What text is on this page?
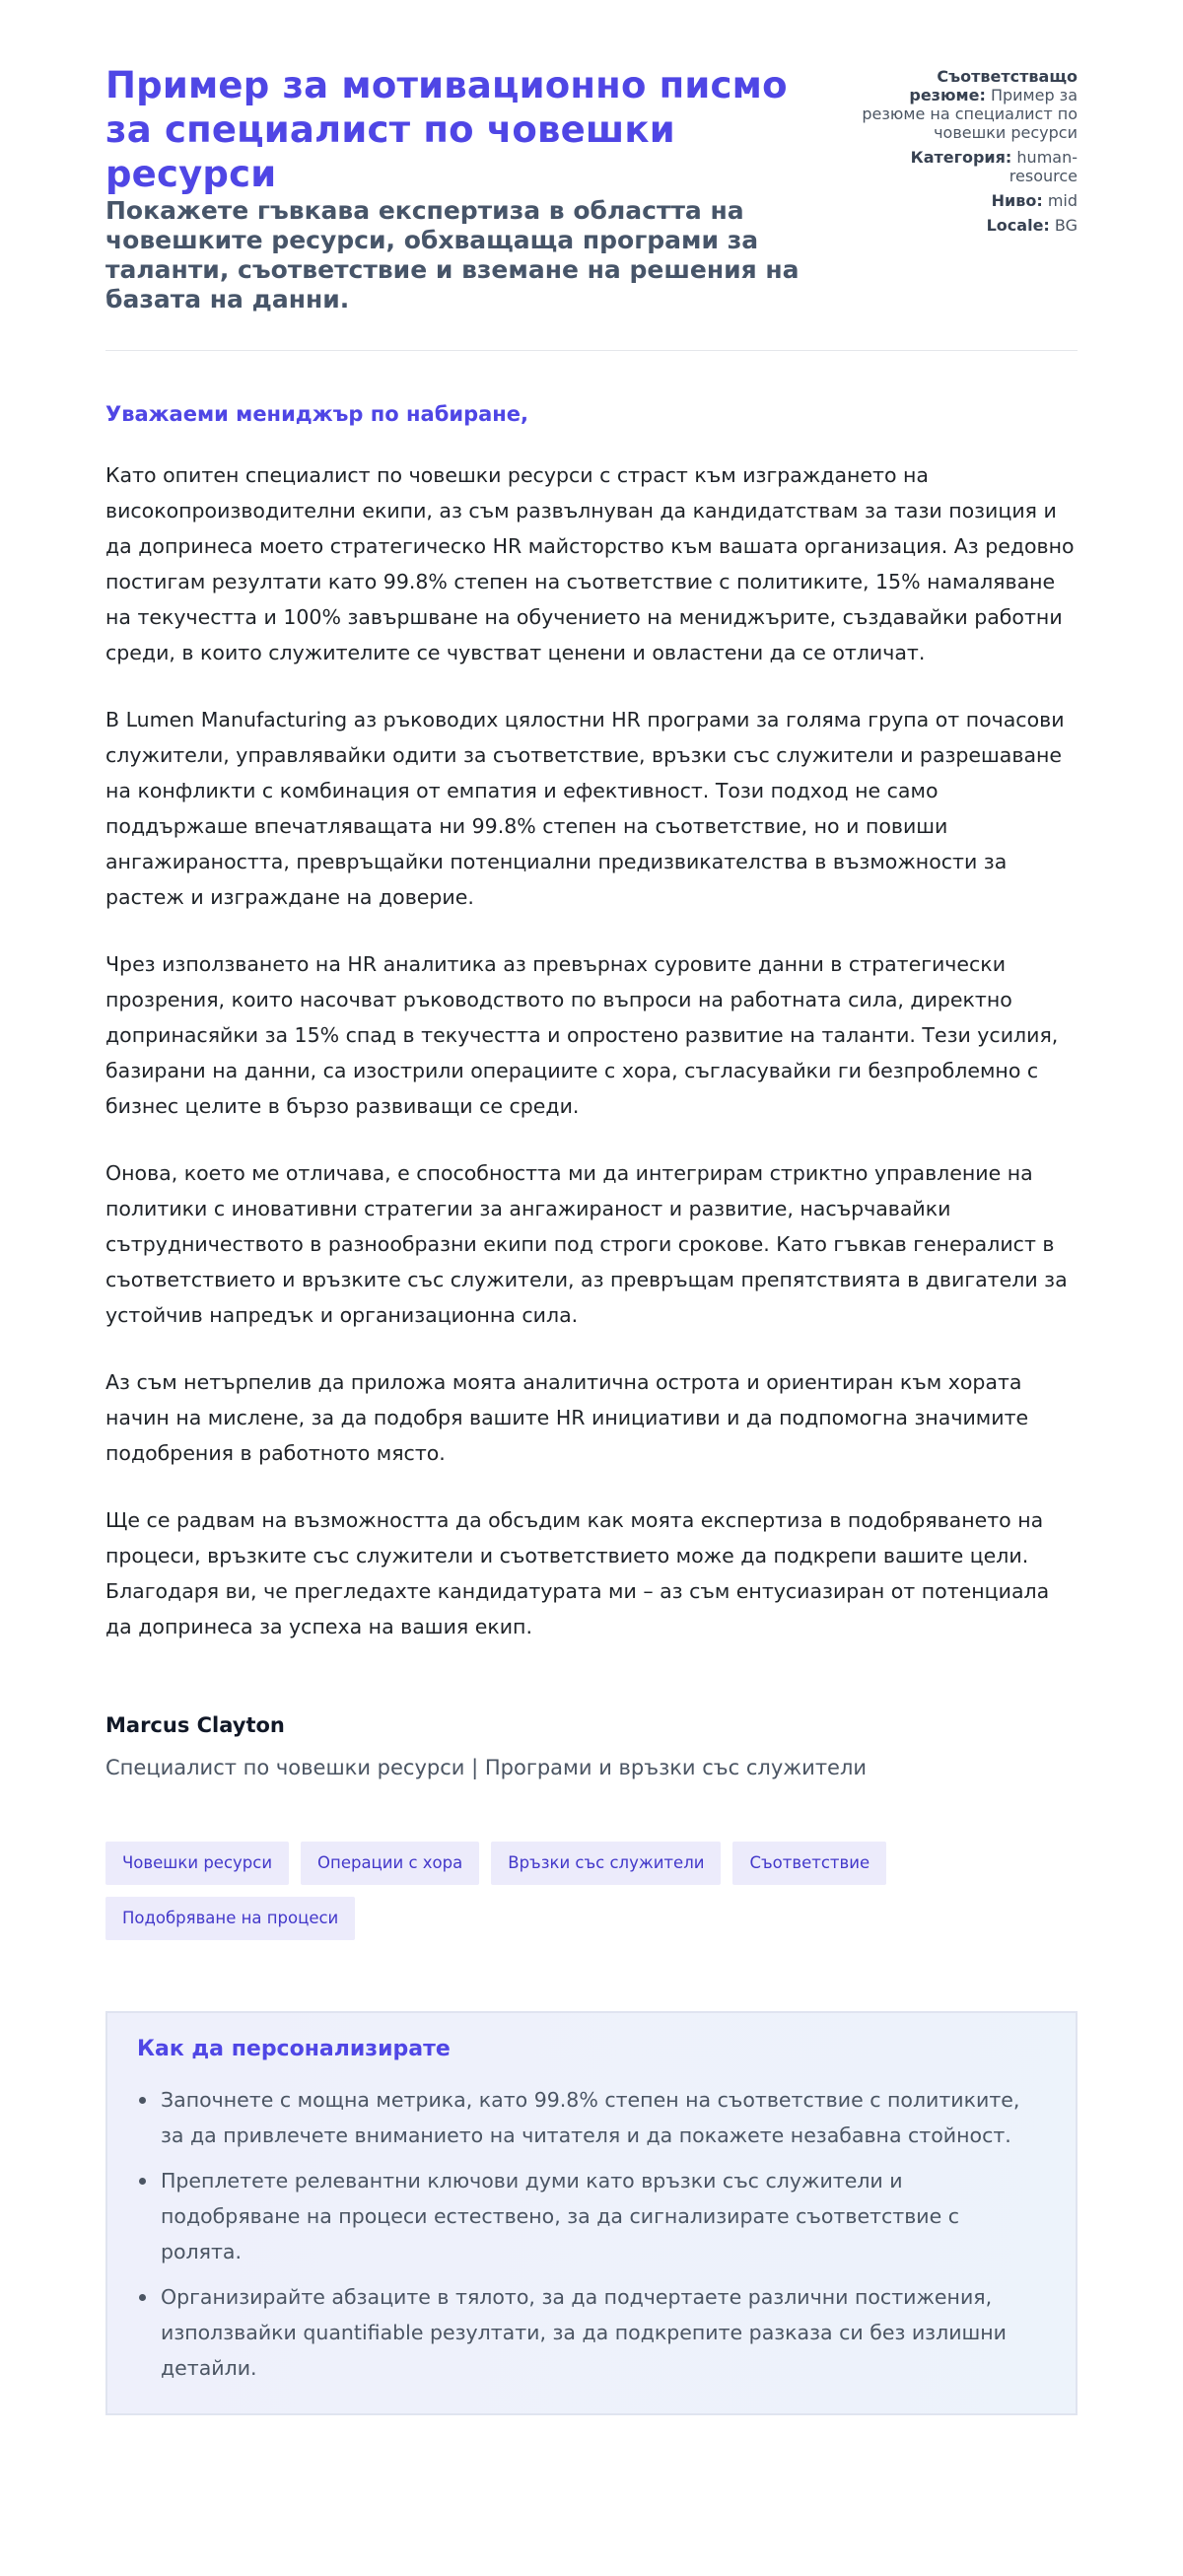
Пример за мотивационно писмо за специалист по човешки ресурси
Покажете гъвкава експертиза в областта на човешките ресурси, обхващаща програми за таланти, съответствие и вземане на решения на базата на данни.
Съответстващо резюме: Пример за резюме на специалист по човешки ресурси
Категория: human-resource
Ниво: mid
Locale: BG

Уважаеми мениджър по набиране,

Като опитен специалист по човешки ресурси с страст към изграждането на високопроизводителни екипи, аз съм развълнуван да кандидатствам за тази позиция и да допринеса моето стратегическо HR майсторство към вашата организация. Аз редовно постигам резултати като 99.8% степен на съответствие с политиките, 15% намаляване на текучестта и 100% завършване на обучението на мениджърите, създавайки работни среди, в които служителите се чувстват ценени и овластени да се отличат.

В Lumen Manufacturing аз ръководих цялостни HR програми за голяма група от почасови служители, управлявайки одити за съответствие, връзки със служители и разрешаване на конфликти с комбинация от емпатия и ефективност. Този подход не само поддържаше впечатляващата ни 99.8% степен на съответствие, но и повиши ангажираността, превръщайки потенциални предизвикателства в възможности за растеж и изграждане на доверие.

Чрез използването на HR аналитика аз превърнах суровите данни в стратегически прозрения, които насочват ръководството по въпроси на работната сила, директно допринасяйки за 15% спад в текучестта и опростено развитие на таланти. Тези усилия, базирани на данни, са изострили операциите с хора, съгласувайки ги безпроблемно с бизнес целите в бързо развиващи се среди.

Онова, което ме отличава, е способността ми да интегрирам стриктно управление на политики с иновативни стратегии за ангажираност и развитие, насърчавайки сътрудничеството в разнообразни екипи под строги срокове. Като гъвкав генералист в съответствието и връзките със служители, аз превръщам препятствията в двигатели за устойчив напредък и организационна сила.

Аз съм нетърпелив да приложа моята аналитична острота и ориентиран към хората начин на мислене, за да подобря вашите HR инициативи и да подпомогна значимите подобрения в работното място.

Ще се радвам на възможността да обсъдим как моята експертиза в подобряването на процеси, връзките със служители и съответствието може да подкрепи вашите цели. Благодаря ви, че прегледахте кандидатурата ми – аз съм ентусиазиран от потенциала да допринеса за успеха на вашия екип.

Marcus Clayton
Специалист по човешки ресурси | Програми и връзки със служители
Човешки ресурси	Операции с хора	Връзки със служители	Съответствие
Подобряване на процеси
Как да персонализирате
Започнете с мощна метрика, като 99.8% степен на съответствие с политиките, за да привлечете вниманието на читателя и да покажете незабавна стойност.
Преплетете релевантни ключови думи като връзки със служители и подобряване на процеси естествено, за да сигнализирате съответствие с ролята.
Организирайте абзаците в тялото, за да подчертаете различни постижения, използвайки quantifiable резултати, за да подкрепите разказа си без излишни детайли.
